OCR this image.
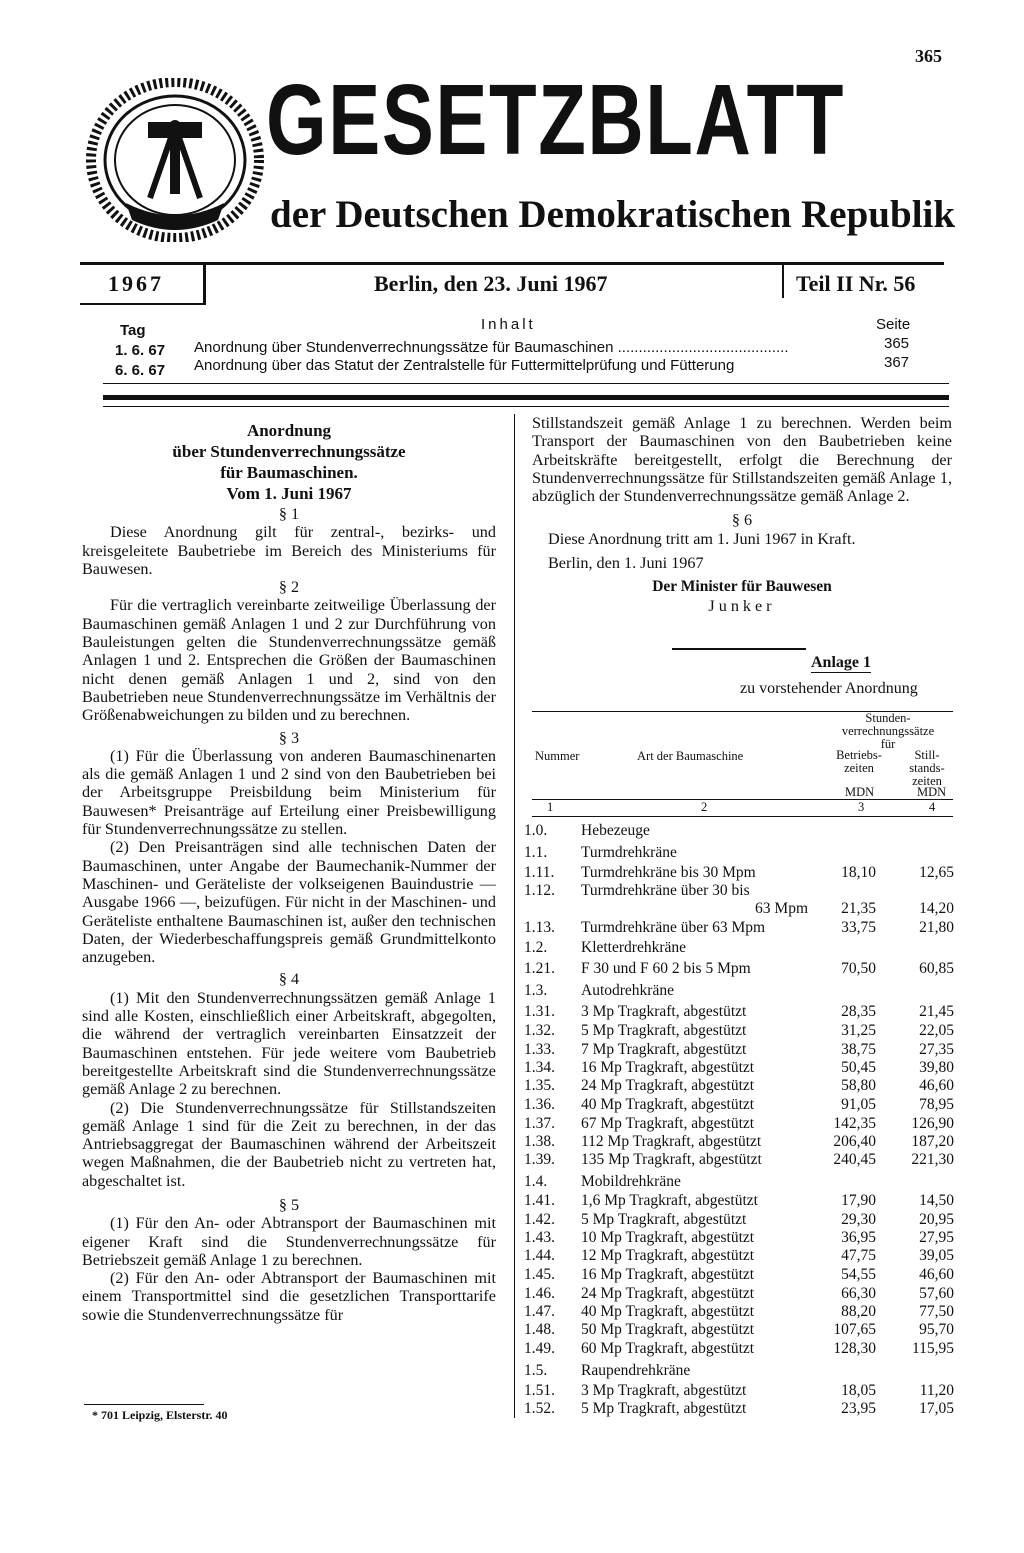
365
GESETZBLATT
der Deutschen Demokratischen Republik
1967	Berlin, den 23. Juni 1967	Teil II Nr. 56
Tag	Inhalt	Seite
1. 6. 67 Anordnung über Stundenverrechnungssätze für Baumaschinen .........................................	365
6. 6. 67 Anordnung über das Statut der Zentralstelle für Futtermittelprüfung und Fütterung	367

Anordnung

über Stundenverrechnungssätze

für Baumaschinen.

Vom 1. Juni 1967

§ 1

Diese Anordnung gilt für zentral-, bezirks- und kreisgeleitete Baubetriebe im Bereich des Ministeriums für Bauwesen.

§ 2

Für die vertraglich vereinbarte zeitweilige Überlassung der Baumaschinen gemäß Anlagen 1 und 2 zur Durchführung von Bauleistungen gelten die Stundenverrechnungssätze gemäß Anlagen 1 und 2. Entsprechen die Größen der Baumaschinen nicht denen gemäß Anlagen 1 und 2, sind von den Baubetrieben neue Stundenverrechnungssätze im Verhältnis der Größenabweichungen zu bilden und zu berechnen.

§ 3

(1) Für die Überlassung von anderen Baumaschinenarten als die gemäß Anlagen 1 und 2 sind von den Baubetrieben bei der Arbeitsgruppe Preisbildung beim Ministerium für Bauwesen* Preisanträge auf Erteilung einer Preisbewilligung für Stundenverrechnungssätze zu stellen.

(2) Den Preisanträgen sind alle technischen Daten der Baumaschinen, unter Angabe der Baumechanik-Nummer der Maschinen- und Geräteliste der volkseigenen Bauindustrie — Ausgabe 1966 —, beizufügen. Für nicht in der Maschinen- und Geräteliste enthaltene Baumaschinen ist, außer den technischen Daten, der Wiederbeschaffungspreis gemäß Grundmittelkonto anzugeben.

§ 4

(1) Mit den Stundenverrechnungssätzen gemäß Anlage 1 sind alle Kosten, einschließlich einer Arbeitskraft, abgegolten, die während der vertraglich vereinbarten Einsatzzeit der Baumaschinen entstehen. Für jede weitere vom Baubetrieb bereitgestellte Arbeitskraft sind die Stundenverrechnungssätze gemäß Anlage 2 zu berechnen.

(2) Die Stundenverrechnungssätze für Stillstandszeiten gemäß Anlage 1 sind für die Zeit zu berechnen, in der das Antriebsaggregat der Baumaschinen während der Arbeitszeit wegen Maßnahmen, die der Baubetrieb nicht zu vertreten hat, abgeschaltet ist.

§ 5

(1) Für den An- oder Abtransport der Baumaschinen mit eigener Kraft sind die Stundenverrechnungssätze für Betriebszeit gemäß Anlage 1 zu berechnen.

(2) Für den An- oder Abtransport der Baumaschinen mit einem Transportmittel sind die gesetzlichen Transporttarife sowie die Stundenverrechnungssätze für

* 701 Leipzig, Elsterstr. 40

Stillstandszeit gemäß Anlage 1 zu berechnen. Werden beim Transport der Baumaschinen von den Baubetrieben keine Arbeitskräfte bereitgestellt, erfolgt die Berechnung der Stundenverrechnungssätze für Stillstandszeiten gemäß Anlage 1, abzüglich der Stundenverrechnungssätze gemäß Anlage 2.

§ 6

Diese Anordnung tritt am 1. Juni 1967 in Kraft.

Berlin, den 1. Juni 1967

Der Minister für Bauwesen

Junker

Anlage 1
zu vorstehender Anordnung
Stunden-
verrechnungssätze
für
Nummer	Art der Baumaschine	Betriebs-
zeiten
Still-
stands-
zeiten
MDN	MDN
1	2	3	4
1.0. Hebezeuge
1.1. Turmdrehkräne
1.11. Turmdrehkräne bis 30 Mpm	18,10	12,65
1.12. Turmdrehkräne über 30 bis
63 Mpm 21,35	14,20
1.13. Turmdrehkräne über 63 Mpm	33,75	21,80
1.2. Kletterdrehkräne
1.21. F 30 und F 60 2 bis 5 Mpm	70,50	60,85
1.3. Autodrehkräne
1.31. 3 Mp Tragkraft, abgestützt	28,35	21,45
1.32. 5 Mp Tragkraft, abgestützt	31,25	22,05
1.33. 7 Mp Tragkraft, abgestützt	38,75	27,35
1.34. 16 Mp Tragkraft, abgestützt	50,45	39,80
1.35. 24 Mp Tragkraft, abgestützt	58,80	46,60
1.36. 40 Mp Tragkraft, abgestützt	91,05	78,95
1.37. 67 Mp Tragkraft, abgestützt	142,35 126,90
1.38. 112 Mp Tragkraft, abgestützt	206,40 187,20
1.39. 135 Mp Tragkraft, abgestützt	240,45 221,30
1.4. Mobildrehkräne
1.41. 1,6 Mp Tragkraft, abgestützt	17,90	14,50
1.42. 5 Mp Tragkraft, abgestützt	29,30	20,95
1.43. 10 Mp Tragkraft, abgestützt	36,95	27,95
1.44. 12 Mp Tragkraft, abgestützt	47,75	39,05
1.45. 16 Mp Tragkraft, abgestützt	54,55	46,60
1.46. 24 Mp Tragkraft, abgestützt	66,30	57,60
1.47. 40 Mp Tragkraft, abgestützt	88,20	77,50
1.48. 50 Mp Tragkraft, abgestützt	107,65	95,70
1.49. 60 Mp Tragkraft, abgestützt	128,30 115,95
1.5. Raupendrehkräne
1.51. 3 Mp Tragkraft, abgestützt	18,05	11,20
1.52. 5 Mp Tragkraft, abgestützt	23,95	17,05
